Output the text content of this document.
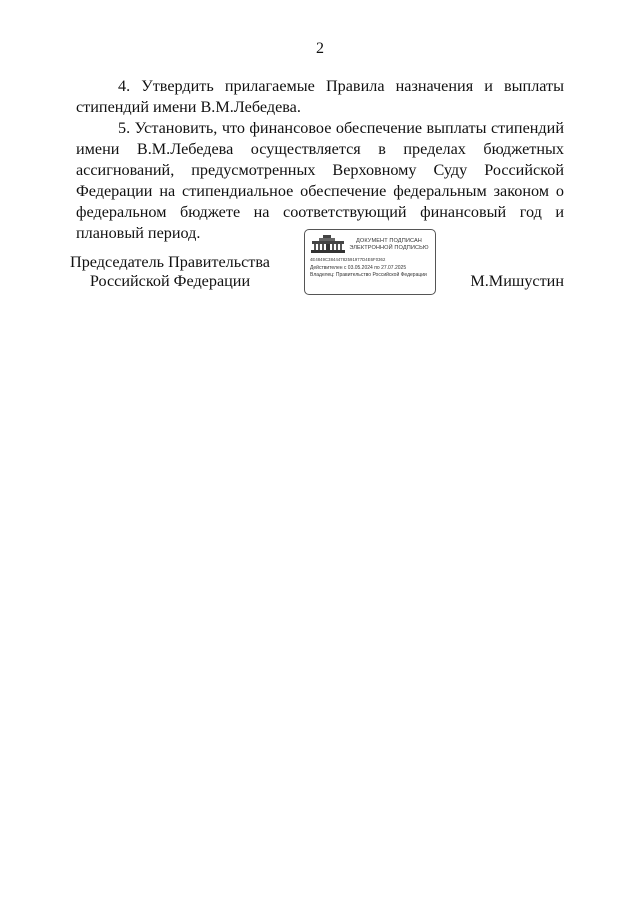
2

4. Утвердить прилагаемые Правила назначения и выплаты стипендий имени В.М.Лебедева.

5. Установить, что финансовое обеспечение выплаты стипендий имени В.М.Лебедева осуществляется в пределах бюджетных ассигнований, предусмотренных Верховному Суду Российской Федерации на стипендиальное обеспечение федеральным законом о федеральном бюджете на соответствующий финансовый год и плановый период.

Председатель Правительства
Российской Федерации
ДОКУМЕНТ ПОДПИСАН
ЭЛЕКТРОННОЙ ПОДПИСЬЮ
4E4849C38444782591977D4E6F0362
Действителен с 03.05.2024 по 27.07.2025
Владелец: Правительство Российской Федерации	М.Мишустин
